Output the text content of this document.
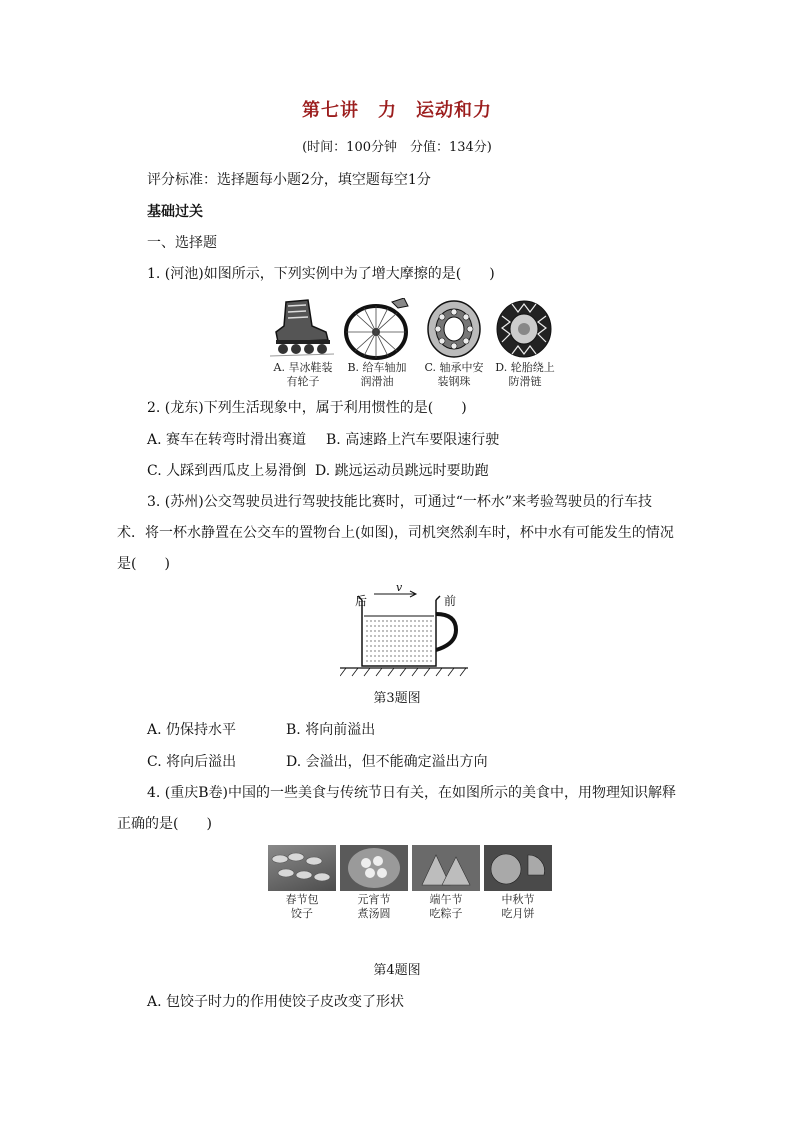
第七讲　力　运动和力
(时间：100分钟　分值：134分)
评分标准：选择题每小题2分，填空题每空1分
基础过关
一、选择题
1. (河池)如图所示，下列实例中为了增大摩擦的是(　　)
A. 旱冰鞋装
有轮子
B. 给车轴加
润滑油
C. 轴承中安
装钢珠
D. 轮胎绕上
防滑链
2. (龙东)下列生活现象中，属于利用惯性的是(　　)
A. 赛车在转弯时滑出赛道 B. 高速路上汽车要限速行驶
C. 人踩到西瓜皮上易滑倒 D. 跳远运动员跳远时要助跑
3. (苏州)公交驾驶员进行驾驶技能比赛时，可通过“一杯水”来考验驾驶员的行车技
术．将一杯水静置在公交车的置物台上(如图)，司机突然刹车时，杯中水有可能发生的情况
是(　　)
后	前
v
第3题图
A. 仍保持水平	B. 将向前溢出
C. 将向后溢出	D. 会溢出，但不能确定溢出方向
4. (重庆B卷)中国的一些美食与传统节日有关，在如图所示的美食中，用物理知识解释
正确的是(　　)
春节包
饺子
元宵节
煮汤圆
端午节
吃粽子
中秋节
吃月饼
第4题图
A. 包饺子时力的作用使饺子皮改变了形状
